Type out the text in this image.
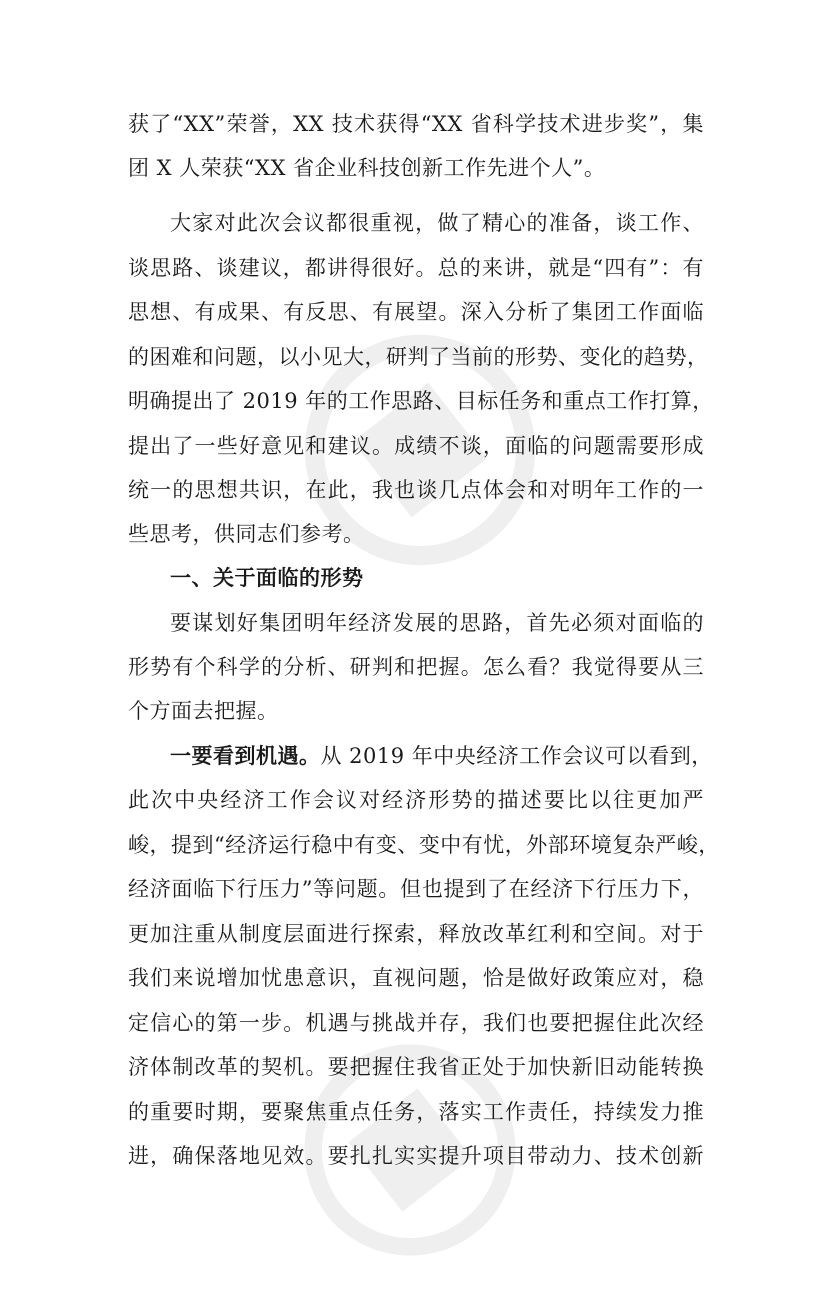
获了“XX”荣誉，XX 技术获得“XX 省科学技术进步奖”，集
团 X 人荣获“XX 省企业科技创新工作先进个人”。
大家对此次会议都很重视，做了精心的准备，谈工作、
谈思路、谈建议，都讲得很好。总的来讲，就是“四有”：有
思想、有成果、有反思、有展望。深入分析了集团工作面临
的困难和问题，以小见大，研判了当前的形势、变化的趋势，
明确提出了 2019 年的工作思路、目标任务和重点工作打算，
提出了一些好意见和建议。成绩不谈，面临的问题需要形成
统一的思想共识，在此，我也谈几点体会和对明年工作的一
些思考，供同志们参考。
一、关于面临的形势
要谋划好集团明年经济发展的思路，首先必须对面临的
形势有个科学的分析、研判和把握。怎么看？我觉得要从三
个方面去把握。
一要看到机遇。从 2019 年中央经济工作会议可以看到，
此次中央经济工作会议对经济形势的描述要比以往更加严
峻，提到“经济运行稳中有变、变中有忧，外部环境复杂严峻，
经济面临下行压力”等问题。但也提到了在经济下行压力下，
更加注重从制度层面进行探索，释放改革红利和空间。对于
我们来说增加忧患意识，直视问题，恰是做好政策应对，稳
定信心的第一步。机遇与挑战并存，我们也要把握住此次经
济体制改革的契机。要把握住我省正处于加快新旧动能转换
的重要时期，要聚焦重点任务，落实工作责任，持续发力推
进，确保落地见效。要扎扎实实提升项目带动力、技术创新
